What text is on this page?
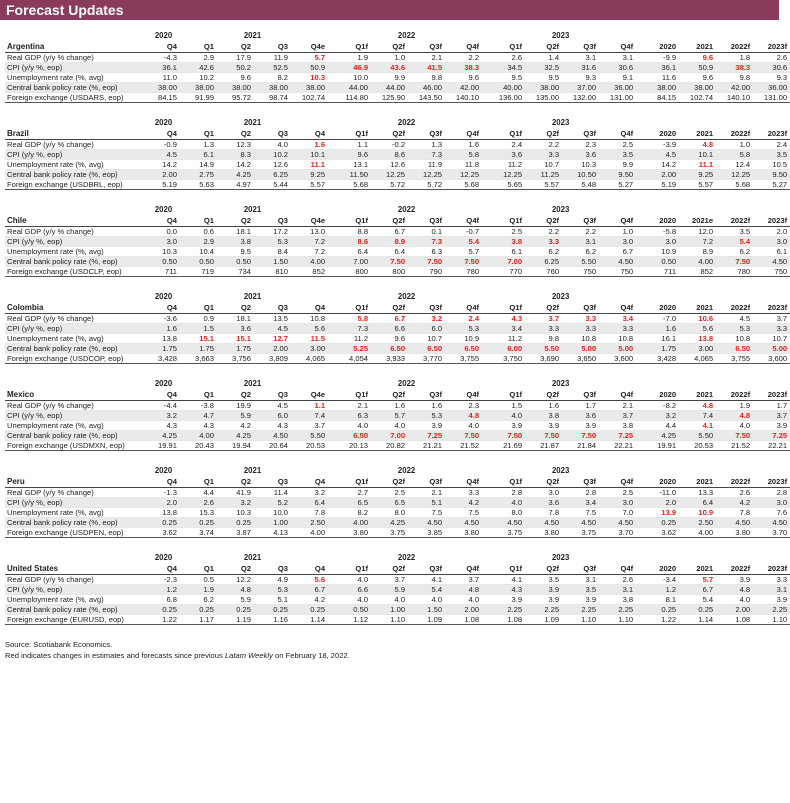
Forecast Updates
	2020	2021					2022					2023								
Argentina	Q4	Q1	Q2	Q3	Q4e		Q1f	Q2f	Q3f	Q4f		Q1f	Q2f	Q3f	Q4f		2020	2021	2022f	2023f
Real GDP (y/y % change)	-4.3	2.9	17.9	11.9	5.7		1.9	1.0	2.1	2.2		2.6	1.4	3.1	3.1		-9.9	9.6	1.8	2.6
CPI (y/y %, eop)	36.1	42.6	50.2	52.5	50.9		46.9	43.6	41.5	38.3		34.5	32.5	31.6	30.6		36.1	50.9	38.3	30.6
Unemployment rate (%, avg)	11.0	10.2	9.6	8.2	10.3		10.0	9.9	9.8	9.6		9.5	9.5	9.3	9.1		11.6	9.6	9.8	9.3
Central bank policy rate (%, eop)	38.00	38.00	38.00	38.00	38.00		44.00	44.00	46.00	42.00		40.00	38.00	37.00	36.00		38.00	38.00	42.00	36.00
Foreign exchange (USDARS, eop)	84.15	91.99	95.72	98.74	102.74		114.80	125.90	143.50	140.10		136.00	135.00	132.00	131.00		84.15	102.74	140.10	131.00
	2020	2021					2022					2023								
Brazil	Q4	Q1	Q2	Q3	Q4		Q1f	Q2f	Q3f	Q4f		Q1f	Q2f	Q3f	Q4f		2020	2021	2022f	2023f
Real GDP (y/y % change)	-0.9	1.3	12.3	4.0	1.6		1.1	-0.2	1.3	1.6		2.4	2.2	2.3	2.5		-3.9	4.8	1.0	2.4
CPI (y/y %, eop)	4.5	6.1	8.3	10.2	10.1		9.6	8.6	7.3	5.8		3.6	3.3	3.6	3.5		4.5	10.1	5.8	3.5
Unemployment rate (%, avg)	14.2	14.9	14.2	12.6	11.1		13.1	12.6	11.9	11.8		11.2	10.7	10.3	9.9		14.2	11.1	12.4	10.5
Central bank policy rate (%, eop)	2.00	2.75	4.25	6.25	9.25		11.50	12.25	12.25	12.25		12.25	11.25	10.50	9.50		2.00	9.25	12.25	9.50
Foreign exchange (USDBRL, eop)	5.19	5.63	4.97	5.44	5.57		5.68	5.72	5.72	5.68		5.65	5.57	5.48	5.27		5.19	5.57	5.68	5.27
	2020	2021					2022					2023								
Chile	Q4	Q1	Q2	Q3	Q4e		Q1f	Q2f	Q3f	Q4f		Q1f	Q2f	Q3f	Q4f		2020	2021e	2022f	2023f
Real GDP (y/y % change)	0.0	0.6	18.1	17.2	13.0		8.8	6.7	0.1	-0.7		2.5	2.2	2.2	1.0		-5.8	12.0	3.5	2.0
CPI (y/y %, eop)	3.0	2.9	3.8	5.3	7.2		8.6	8.9	7.3	5.4		3.8	3.3	3.1	3.0		3.0	7.2	5.4	3.0
Unemployment rate (%, avg)	10.3	10.4	9.5	8.4	7.2		6.4	6.4	6.3	5.7		6.1	6.2	6.2	6.7		10.9	8.9	6.2	6.1
Central bank policy rate (%, eop)	0.50	0.50	0.50	1.50	4.00		7.00	7.50	7.50	7.50		7.00	6.25	5.50	4.50		0.50	4.00	7.50	4.50
Foreign exchange (USDCLP, eop)	711	719	734	810	852		800	800	790	780		770	760	750	750		711	852	780	750
	2020	2021					2022					2023								
Colombia	Q4	Q1	Q2	Q3	Q4		Q1f	Q2f	Q3f	Q4f		Q1f	Q2f	Q3f	Q4f		2020	2021	2022f	2023f
Real GDP (y/y % change)	-3.6	0.9	18.1	13.5	10.8		5.8	6.7	3.2	2.4		4.3	3.7	3.3	3.4		-7.0	10.6	4.5	3.7
CPI (y/y %, eop)	1.6	1.5	3.6	4.5	5.6		7.3	6.6	6.0	5.3		3.4	3.3	3.3	3.3		1.6	5.6	5.3	3.3
Unemployment rate (%, avg)	13.8	15.1	15.1	12.7	11.5		11.2	9.6	10.7	10.9		11.2	9.8	10.8	10.8		16.1	13.8	10.8	10.7
Central bank policy rate (%, eop)	1.75	1.75	1.75	2.00	3.00		5.25	6.50	6.50	6.50		6.00	5.50	5.00	5.00		1.75	3.00	6.50	5.00
Foreign exchange (USDCOP, eop)	3,428	3,663	3,756	3,809	4,065		4,054	3,933	3,770	3,755		3,750	3,690	3,650	3,600		3,428	4,065	3,755	3,600
	2020	2021					2022					2023								
Mexico	Q4	Q1	Q2	Q3	Q4e		Q1f	Q2f	Q3f	Q4f		Q1f	Q2f	Q3f	Q4f		2020	2021	2022f	2023f
Real GDP (y/y % change)	-4.4	-3.8	19.9	4.5	1.1		2.1	1.6	1.6	2.3		1.5	1.6	1.7	2.1		-8.2	4.8	1.9	1.7
CPI (y/y %, eop)	3.2	4.7	5.9	6.0	7.4		6.3	5.7	5.3	4.8		4.0	3.8	3.6	3.7		3.2	7.4	4.8	3.7
Unemployment rate (%, avg)	4.3	4.3	4.2	4.3	3.7		4.0	4.0	3.9	4.0		3.9	3.9	3.9	3.8		4.4	4.1	4.0	3.9
Central bank policy rate (%, eop)	4.25	4.00	4.25	4.50	5.50		6.50	7.00	7.25	7.50		7.50	7.50	7.50	7.25		4.25	5.50	7.50	7.25
Foreign exchange (USDMXN, eop)	19.91	20.43	19.94	20.64	20.53		20.13	20.82	21.21	21.52		21.69	21.87	21.84	22.21		19.91	20.53	21.52	22.21
	2020	2021					2022					2023								
Peru	Q4	Q1	Q2	Q3	Q4		Q1f	Q2f	Q3f	Q4f		Q1f	Q2f	Q3f	Q4f		2020	2021	2022f	2023f
Real GDP (y/y % change)	-1.3	4.4	41.9	11.4	3.2		2.7	2.5	2.1	3.3		2.8	3.0	2.8	2.5		-11.0	13.3	2.6	2.8
CPI (y/y %, eop)	2.0	2.6	3.2	5.2	6.4		6.5	6.5	5.1	4.2		4.0	3.6	3.4	3.0		2.0	6.4	4.2	3.0
Unemployment rate (%, avg)	13.8	15.3	10.3	10.0	7.8		8.2	8.0	7.5	7.5		8.0	7.8	7.5	7.0		13.9	10.9	7.8	7.6
Central bank policy rate (%, eop)	0.25	0.25	0.25	1.00	2.50		4.00	4.25	4.50	4.50		4.50	4.50	4.50	4.50		0.25	2.50	4.50	4.50
Foreign exchange (USDPEN, eop)	3.62	3.74	3.87	4.13	4.00		3.80	3.75	3.85	3.80		3.75	3.80	3.75	3.70		3.62	4.00	3.80	3.70
	2020	2021					2022					2023								
United States	Q4	Q1	Q2	Q3	Q4		Q1f	Q2f	Q3f	Q4f		Q1f	Q2f	Q3f	Q4f		2020	2021	2022f	2023f
Real GDP (y/y % change)	-2.3	0.5	12.2	4.9	5.6		4.0	3.7	4.1	3.7		4.1	3.5	3.1	2.6		-3.4	5.7	3.9	3.3
CPI (y/y %, eop)	1.2	1.9	4.8	5.3	6.7		6.6	5.9	5.4	4.8		4.3	3.9	3.5	3.1		1.2	6.7	4.8	3.1
Unemployment rate (%, avg)	6.8	6.2	5.9	5.1	4.2		4.0	4.0	4.0	4.0		3.9	3.9	3.9	3.8		8.1	5.4	4.0	3.9
Central bank policy rate (%, eop)	0.25	0.25	0.25	0.25	0.25		0.50	1.00	1.50	2.00		2.25	2.25	2.25	2.25		0.25	0.25	2.00	2.25
Foreign exchange (EURUSD, eop)	1.22	1.17	1.19	1.16	1.14		1.12	1.10	1.09	1.08		1.08	1.09	1.10	1.10		1.22	1.14	1.08	1.10
Source: Scotiabank Economics.
Red indicates changes in estimates and forecasts since previous Latam Weekly on February 18, 2022.
